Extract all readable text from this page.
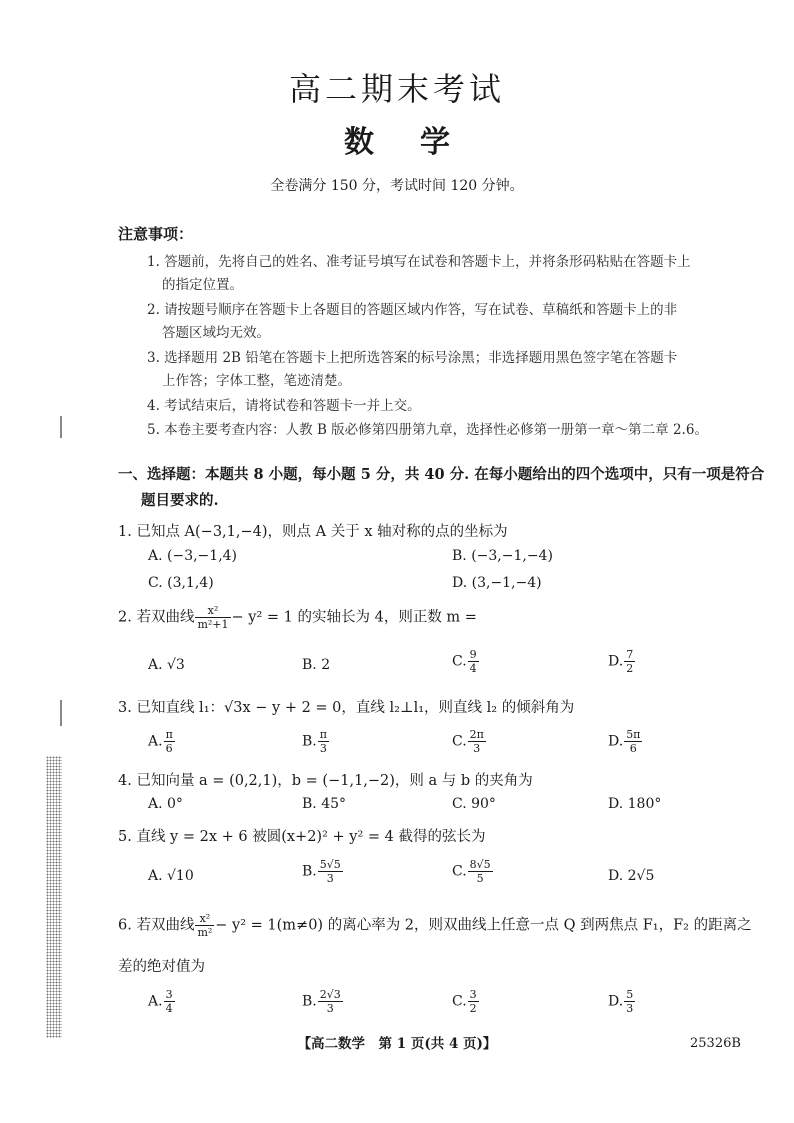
高二期末考试
数学
全卷满分 150 分，考试时间 120 分钟。
注意事项：
1. 答题前，先将自己的姓名、准考证号填写在试卷和答题卡上，并将条形码粘贴在答题卡上
的指定位置。
2. 请按题号顺序在答题卡上各题目的答题区域内作答，写在试卷、草稿纸和答题卡上的非
答题区域均无效。
3. 选择题用 2B 铅笔在答题卡上把所选答案的标号涂黑；非选择题用黑色签字笔在答题卡
上作答；字体工整，笔迹清楚。
4. 考试结束后，请将试卷和答题卡一并上交。
5. 本卷主要考查内容：人教 B 版必修第四册第九章，选择性必修第一册第一章～第二章 2.6。
一、选择题：本题共 8 小题，每小题 5 分，共 40 分. 在每小题给出的四个选项中，只有一项是符合
题目要求的.
1. 已知点 A(−3,1,−4)，则点 A 关于 x 轴对称的点的坐标为
A. (−3,−1,4)	B. (−3,−1,−4)
C. (3,1,4)	D. (3,−1,−4)
2. 若双曲线 $\frac{\text{x²}}{\text{m²+1}} - y^2 = 1$ 的实轴长为 4，则正数 m =
A. √3	B. 2	C. $\frac{9}{4}$	D. $\frac{7}{2}$
3. 已知直线 l₁：√3x − y + 2 = 0，直线 l₂⊥l₁，则直线 l₂ 的倾斜角为
A. $\frac{\pi}{6}$	B. $\frac{\pi}{3}$	C. $\frac{2\pi}{3}$	D. $\frac{5\pi}{6}$
4. 已知向量 a = (0,2,1)，b = (−1,1,−2)，则 a 与 b 的夹角为
A. 0°	B. 45°	C. 90°	D. 180°
5. 直线 y = 2x + 6 被圆(x+2)² + y² = 4 截得的弦长为
A. √10	B. $\frac{5√5}{3}$	C. $\frac{8√5}{5}$	D. 2√5
6. 若双曲线 $\frac{\text{x²}}{\text{m²}} - y^2 = 1(m\ne 0)$ 的离心率为 2，则双曲线上任意一点 Q 到两焦点 F₁，F₂ 的距离之
差的绝对值为
A. $\frac{3}{4}$	B. $\frac{2√3}{3}$	C. $\frac{3}{2}$	D. $\frac{5}{3}$
【高二数学　第 1 页(共 4 页)】	25326B
